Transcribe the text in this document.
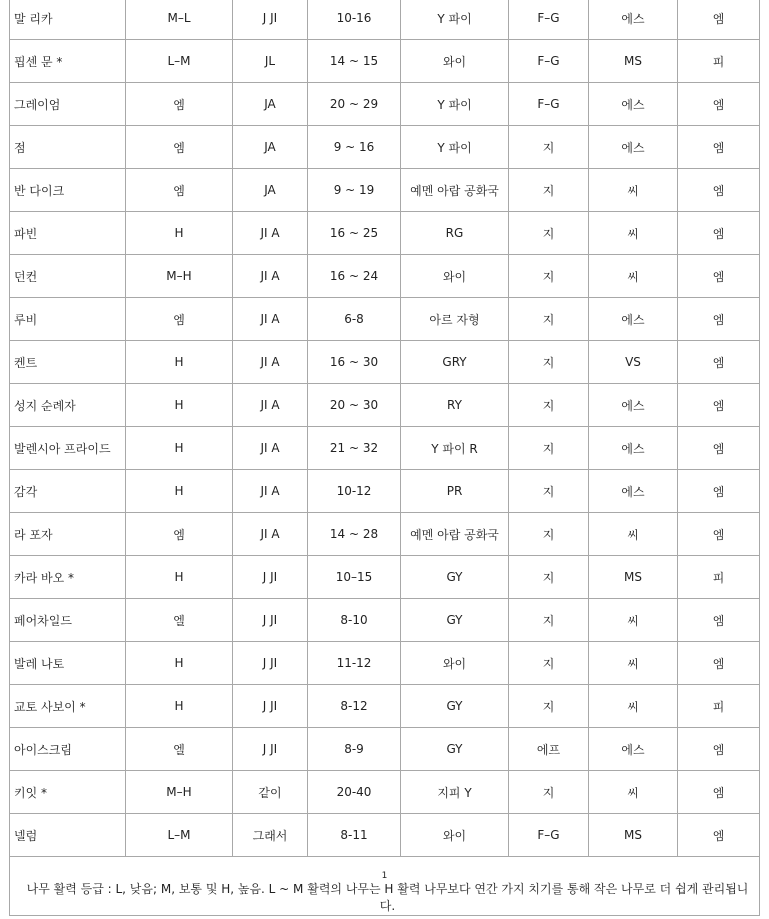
말 리카	M–L	J JI	10-16	Y 파이	F–G	에스	엠
핍센 문 *	L–M	JL	14 ~ 15	와이	F–G	MS	피
그레이엄	엠	JA	20 ~ 29	Y 파이	F–G	에스	엠
점	엠	JA	9 ~ 16	Y 파이	지	에스	엠
반 다이크	엠	JA	9 ~ 19	예멘 아랍 공화국	지	씨	엠
파빈	H	JI A	16 ~ 25	RG	지	씨	엠
던컨	M–H	JI A	16 ~ 24	와이	지	씨	엠
루비	엠	JI A	6-8	아르 자형	지	에스	엠
켄트	H	JI A	16 ~ 30	GRY	지	VS	엠
성지 순례자	H	JI A	20 ~ 30	RY	지	에스	엠
발렌시아 프라이드	H	JI A	21 ~ 32	Y 파이 R	지	에스	엠
감각	H	JI A	10-12	PR	지	에스	엠
라 포자	엠	JI A	14 ~ 28	예멘 아랍 공화국	지	씨	엠
카라 바오 *	H	J JI	10–15	GY	지	MS	피
페어차일드	엘	J JI	8-10	GY	지	씨	엠
발레 나토	H	J JI	11-12	와이	지	씨	엠
교토 사보이 *	H	J JI	8-12	GY	지	씨	피
아이스크림	엘	J JI	8-9	GY	에프	에스	엠
키잇 *	M–H	같이	20-40	지피 Y	지	씨	엠
넬럼	L–M	그래서	8-11	와이	F–G	MS	엠

1
나무 활력 등급 : L, 낮음; M, 보통 및 H, 높음. L ~ M 활력의 나무는 H 활력 나무보다 연간 가지 치기를 통해 작은 나무로 더 쉽게 관리됩니다.							
